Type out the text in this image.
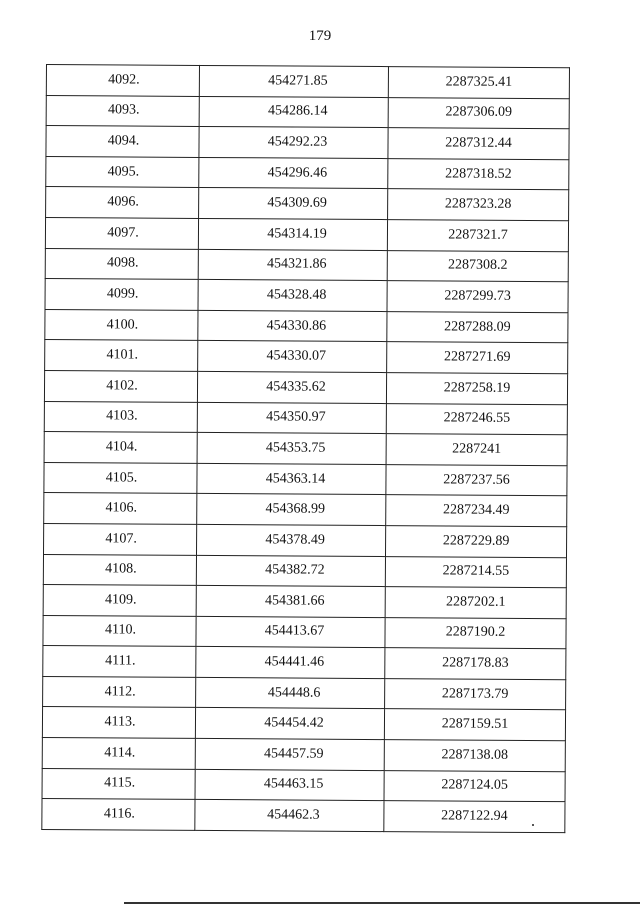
179
4092.	454271.85	2287325.41
4093.	454286.14	2287306.09
4094.	454292.23	2287312.44
4095.	454296.46	2287318.52
4096.	454309.69	2287323.28
4097.	454314.19	2287321.7
4098.	454321.86	2287308.2
4099.	454328.48	2287299.73
4100.	454330.86	2287288.09
4101.	454330.07	2287271.69
4102.	454335.62	2287258.19
4103.	454350.97	2287246.55
4104.	454353.75	2287241
4105.	454363.14	2287237.56
4106.	454368.99	2287234.49
4107.	454378.49	2287229.89
4108.	454382.72	2287214.55
4109.	454381.66	2287202.1
4110.	454413.67	2287190.2
4111.	454441.46	2287178.83
4112.	454448.6	2287173.79
4113.	454454.42	2287159.51
4114.	454457.59	2287138.08
4115.	454463.15	2287124.05
4116.	454462.3	2287122.94
